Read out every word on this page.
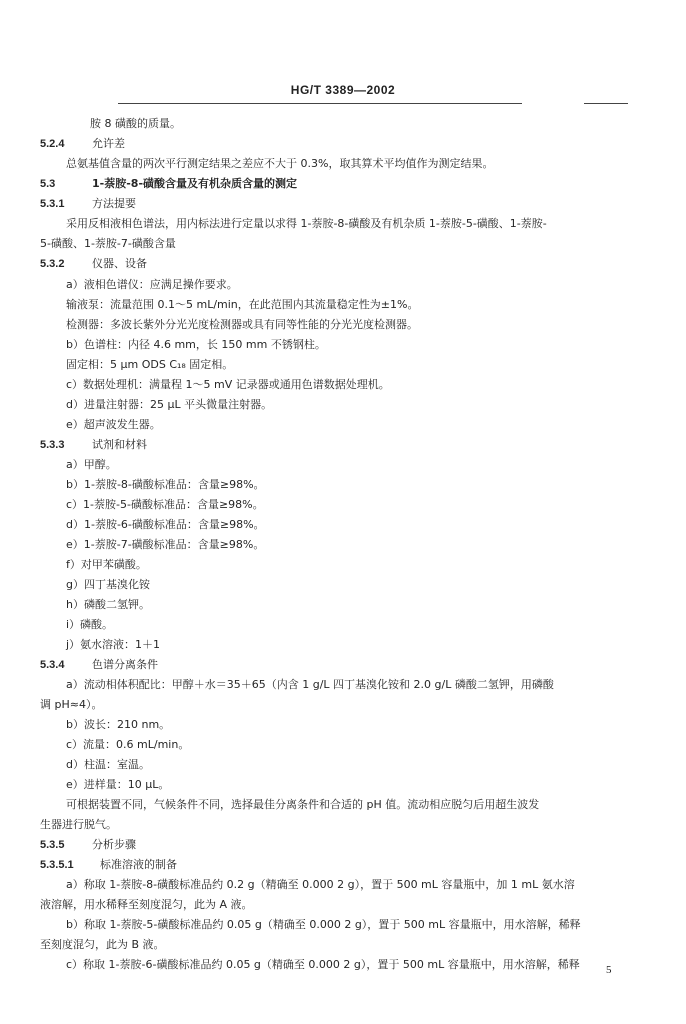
HG/T 3389—2002
胺 8 磺酸的质量。
5.2.4	允许差
总氨基值含量的两次平行测定结果之差应不大于 0.3%，取其算术平均值作为测定结果。
5.3	1-萘胺-8-磺酸含量及有机杂质含量的测定
5.3.1	方法提要
采用反相液相色谱法，用内标法进行定量以求得 1-萘胺-8-磺酸及有机杂质 1-萘胺-5-磺酸、1-萘胺-
5-磺酸、1-萘胺-7-磺酸含量
5.3.2	仪器、设备
a）液相色谱仪：应满足操作要求。
输液泵：流量范围 0.1～5 mL/min，在此范围内其流量稳定性为±1%。
检测器：多波长紫外分光光度检测器或具有同等性能的分光光度检测器。
b）色谱柱：内径 4.6 mm，长 150 mm 不锈钢柱。
固定相：5 μm ODS C₁₈ 固定相。
c）数据处理机：满量程 1～5 mV 记录器或通用色谱数据处理机。
d）进量注射器：25 μL 平头微量注射器。
e）超声波发生器。
5.3.3	试剂和材料
a）甲醇。
b）1-萘胺-8-磺酸标准品：含量≥98%。
c）1-萘胺-5-磺酸标准品：含量≥98%。
d）1-萘胺-6-磺酸标准品：含量≥98%。
e）1-萘胺-7-磺酸标准品：含量≥98%。
f）对甲苯磺酸。
g）四丁基溴化铵
h）磷酸二氢钾。
i）磷酸。
j）氨水溶液：1＋1
5.3.4	色谱分离条件
a）流动相体积配比：甲醇＋水＝35＋65（内含 1 g/L 四丁基溴化铵和 2.0 g/L 磷酸二氢钾，用磷酸
调 pH≈4）。
b）波长：210 nm。
c）流量：0.6 mL/min。
d）柱温：室温。
e）进样量：10 μL。
可根据装置不同，气候条件不同，选择最佳分离条件和合适的 pH 值。流动相应脱匀后用超生波发
生器进行脱气。
5.3.5	分析步骤
5.3.5.1 标准溶液的制备
a）称取 1-萘胺-8-磺酸标准品约 0.2 g（精确至 0.000 2 g），置于 500 mL 容量瓶中，加 1 mL 氨水溶
液溶解，用水稀释至刻度混匀，此为 A 液。
b）称取 1-萘胺-5-磺酸标准品约 0.05 g（精确至 0.000 2 g），置于 500 mL 容量瓶中，用水溶解，稀释
至刻度混匀，此为 B 液。
c）称取 1-萘胺-6-磺酸标准品约 0.05 g（精确至 0.000 2 g），置于 500 mL 容量瓶中，用水溶解，稀释 5
